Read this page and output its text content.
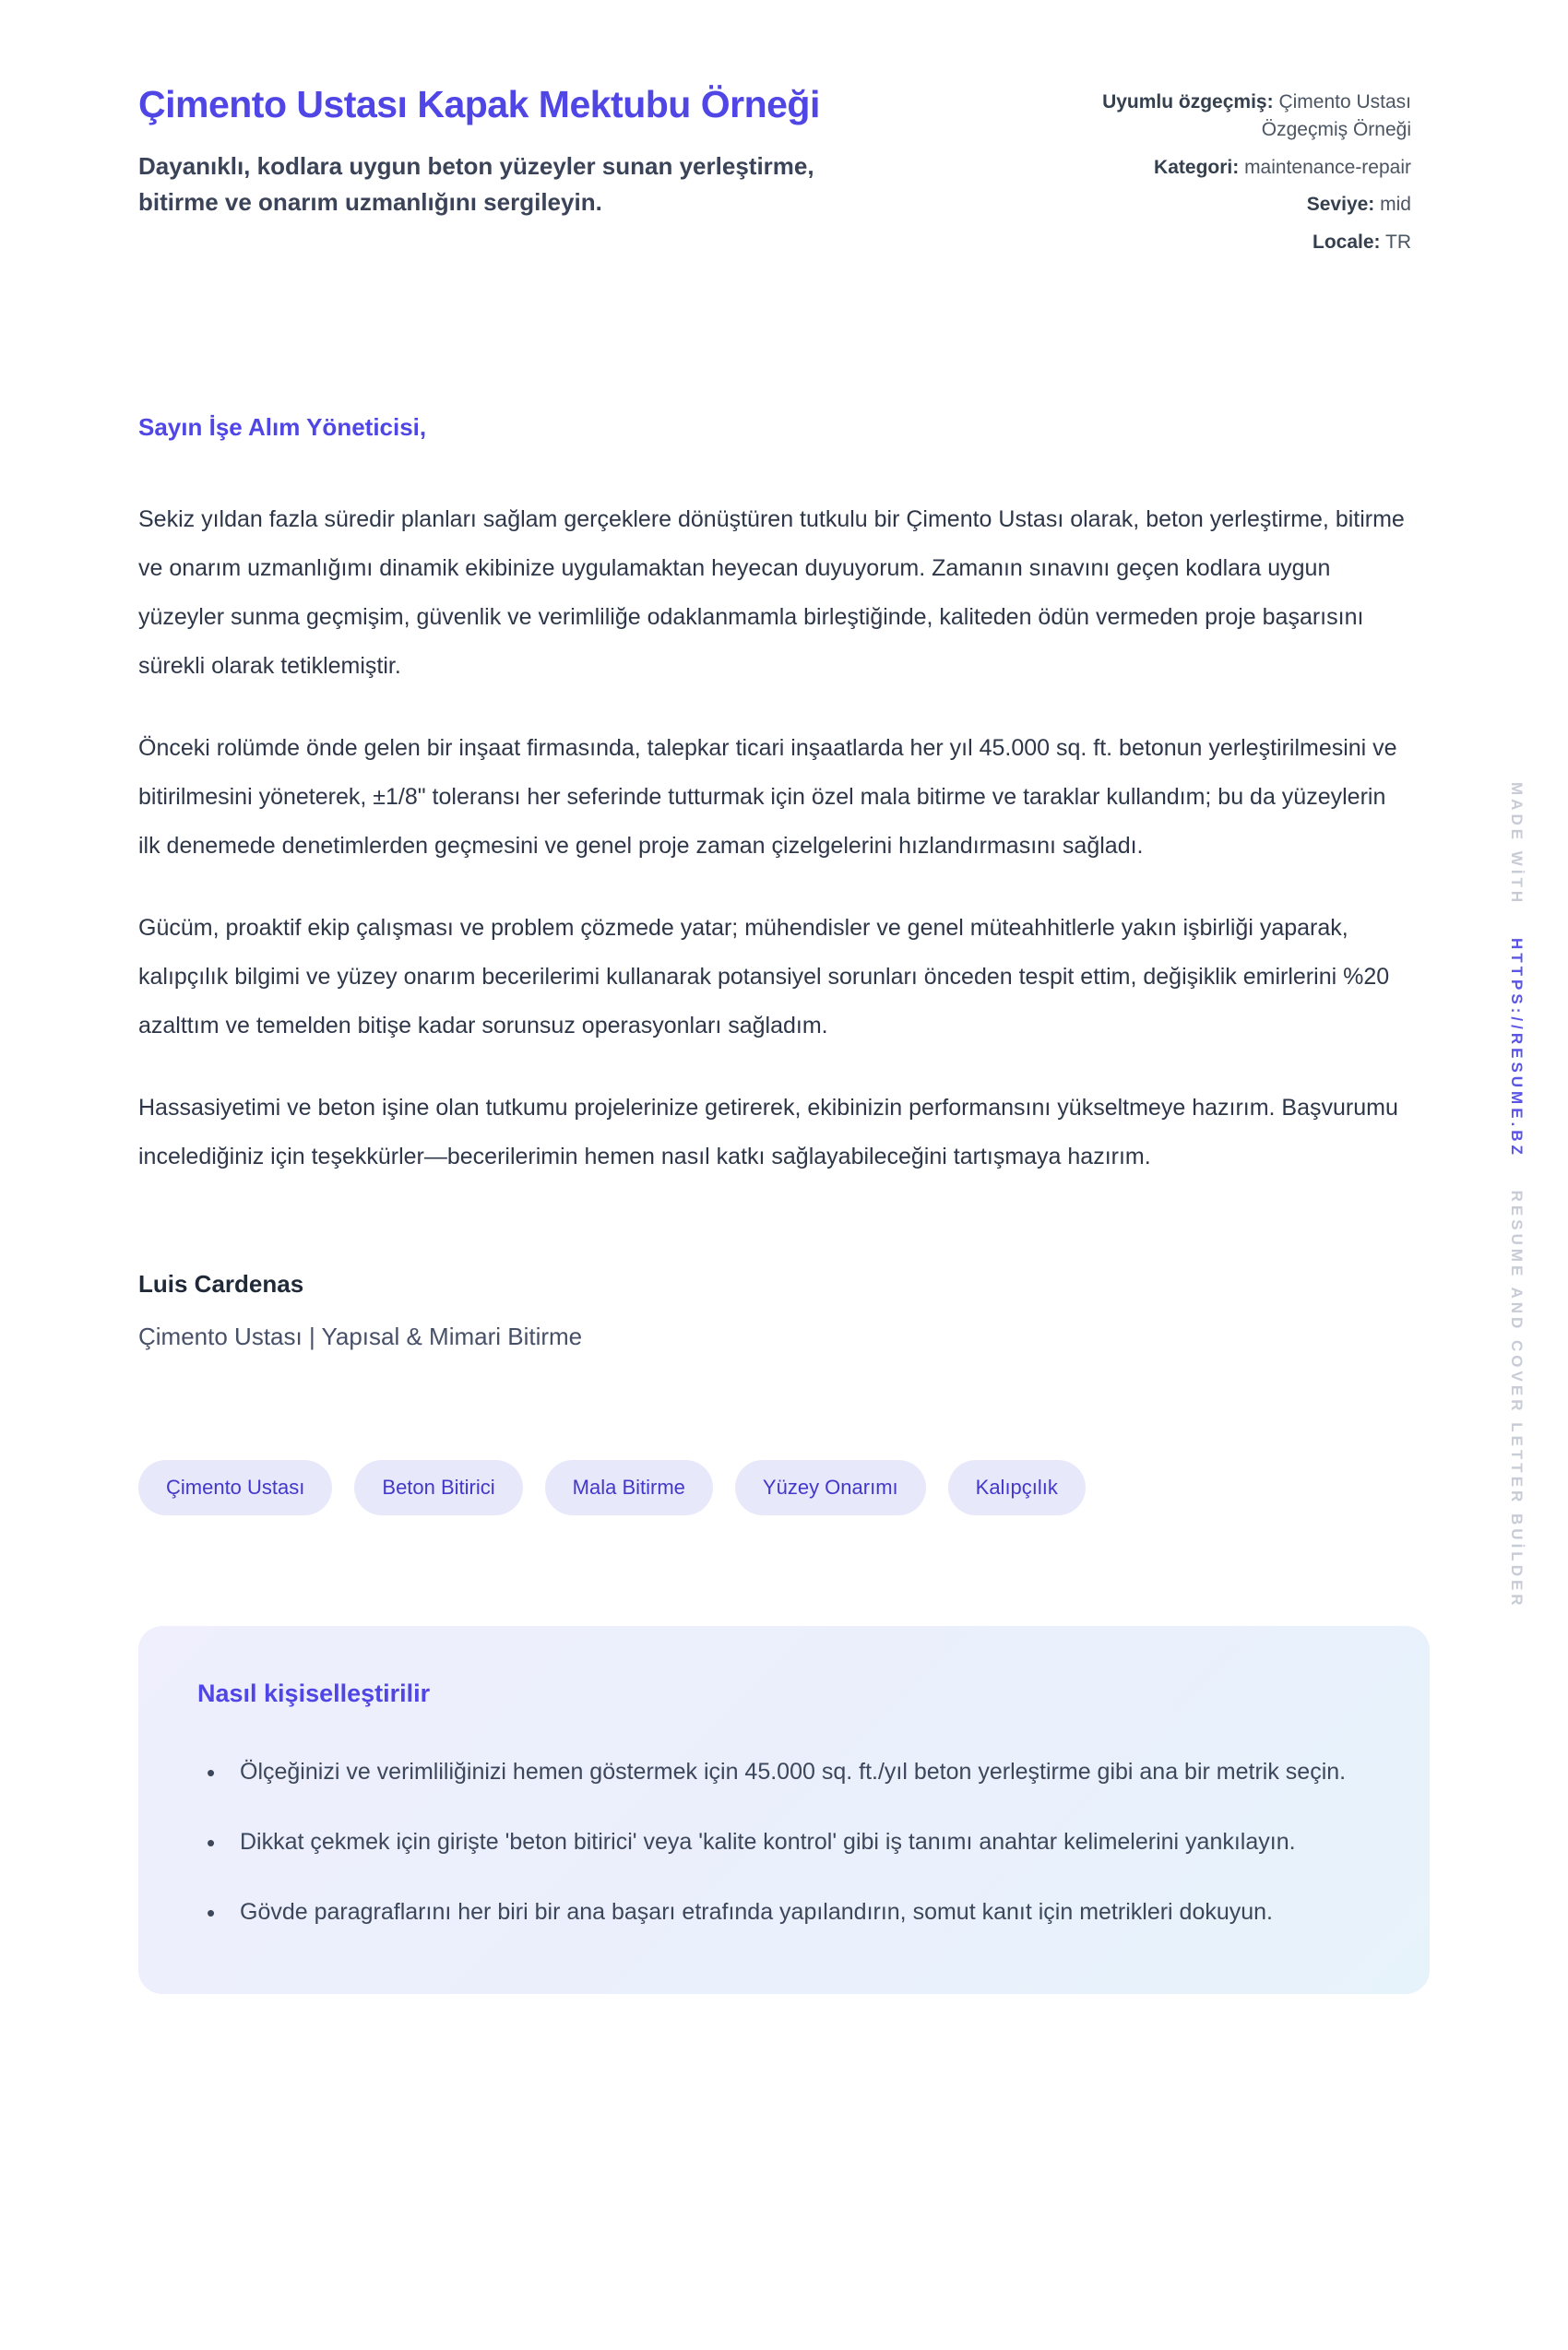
Çimento Ustası Kapak Mektubu Örneği
Dayanıklı, kodlara uygun beton yüzeyler sunan yerleştirme, bitirme ve onarım uzmanlığını sergileyin.
Uyumlu özgeçmiş: Çimento Ustası Özgeçmiş Örneği
Kategori: maintenance-repair
Seviye: mid
Locale: TR
Sayın İşe Alım Yöneticisi,

Sekiz yıldan fazla süredir planları sağlam gerçeklere dönüştüren tutkulu bir Çimento Ustası olarak, beton yerleştirme, bitirme ve onarım uzmanlığımı dinamik ekibinize uygulamaktan heyecan duyuyorum. Zamanın sınavını geçen kodlara uygun yüzeyler sunma geçmişim, güvenlik ve verimliliğe odaklanmamla birleştiğinde, kaliteden ödün vermeden proje başarısını sürekli olarak tetiklemiştir.

Önceki rolümde önde gelen bir inşaat firmasında, talepkar ticari inşaatlarda her yıl 45.000 sq. ft. betonun yerleştirilmesini ve bitirilmesini yöneterek, ±1/8" toleransı her seferinde tutturmak için özel mala bitirme ve taraklar kullandım; bu da yüzeylerin ilk denemede denetimlerden geçmesini ve genel proje zaman çizelgelerini hızlandırmasını sağladı.

Gücüm, proaktif ekip çalışması ve problem çözmede yatar; mühendisler ve genel müteahhitlerle yakın işbirliği yaparak, kalıpçılık bilgimi ve yüzey onarım becerilerimi kullanarak potansiyel sorunları önceden tespit ettim, değişiklik emirlerini %20 azalttım ve temelden bitişe kadar sorunsuz operasyonları sağladım.

Hassasiyetimi ve beton işine olan tutkumu projelerinize getirerek, ekibinizin performansını yükseltmeye hazırım. Başvurumu incelediğiniz için teşekkürler—becerilerimin hemen nasıl katkı sağlayabileceğini tartışmaya hazırım.

Luis Cardenas
Çimento Ustası | Yapısal & Mimari Bitirme
Çimento Ustası	Beton Bitirici	Mala Bitirme	Yüzey Onarımı	Kalıpçılık
Nasıl kişiselleştirilir
• Ölçeğinizi ve verimliliğinizi hemen göstermek için 45.000 sq. ft./yıl beton yerleştirme gibi ana bir metrik seçin.
• Dikkat çekmek için girişte 'beton bitirici' veya 'kalite kontrol' gibi iş tanımı anahtar kelimelerini yankılayın.
• Gövde paragraflarını her biri bir ana başarı etrafında yapılandırın, somut kanıt için metrikleri dokuyun.
MADE WİTH HTTPS://RESUME.BZ RESUME AND COVER LETTER BUİLDER
